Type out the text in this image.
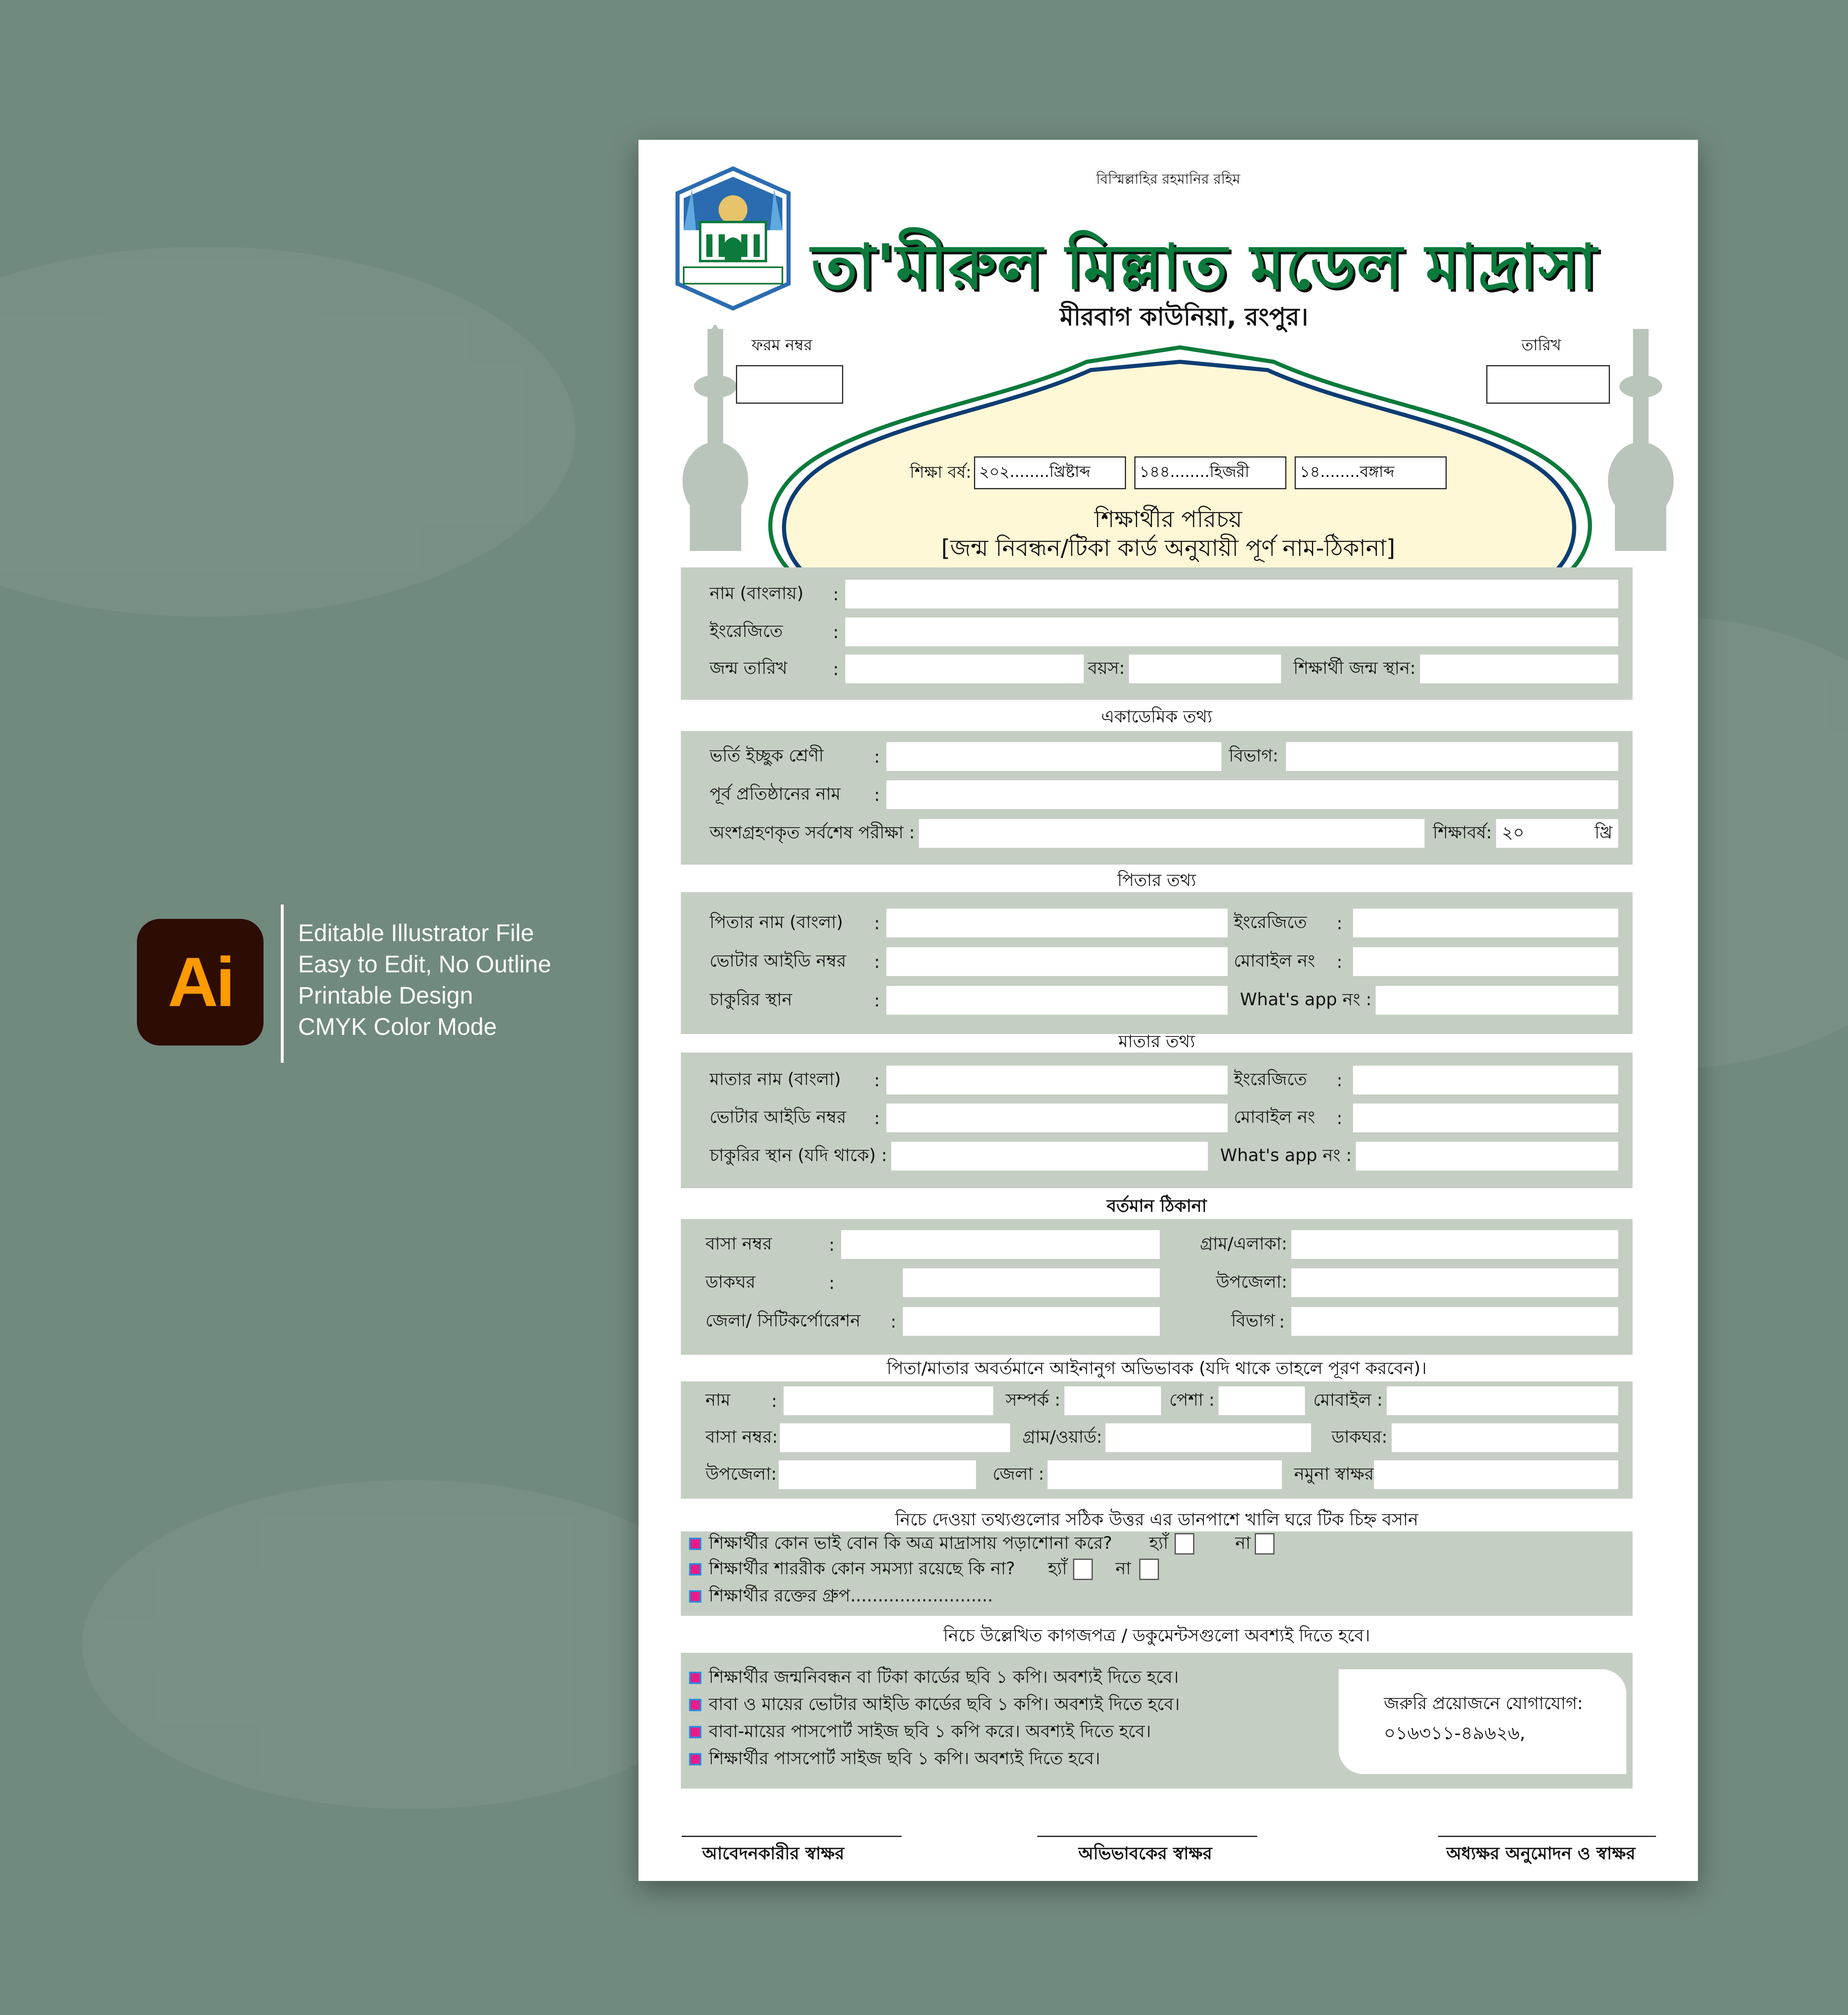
Ai
Editable Illustrator File
Easy to Edit, No Outline
Printable Design
CMYK Color Mode
বিস্মিল্লাহির রহমানির রহিম
তা'মীরুল মিল্লাত মডেল মাদ্রাসা
মীরবাগ কাউনিয়া, রংপুর।
ফরম নম্বর	তারিখ
শিক্ষা বর্ষ: ২০২........খ্রিষ্টাব্দ	১৪৪........হিজরী	১৪........বঙ্গাব্দ
শিক্ষার্থীর পরিচয়
[জন্ম নিবন্ধন/টিকা কার্ড অনুযায়ী পূর্ণ নাম-ঠিকানা]
নাম (বাংলায়)	:
ইংরেজিতে	:
জন্ম তারিখ	:	বয়স:	শিক্ষার্থী জন্ম স্থান:
একাডেমিক তথ্য
ভর্তি ইচ্ছুক শ্রেণী	:	বিভাগ:
পূর্ব প্রতিষ্ঠানের নাম	:
অংশগ্রহণকৃত সর্বশেষ পরীক্ষা :	শিক্ষাবর্ষ: ২০	খ্রি
পিতার তথ্য
পিতার নাম (বাংলা)	:	ইংরেজিতে	:
ভোটার আইডি নম্বর	:	মোবাইল নং	:
চাকুরির স্থান	:	What's app নং :
মাতার তথ্য
মাতার নাম (বাংলা)	:	ইংরেজিতে	:
ভোটার আইডি নম্বর	:	মোবাইল নং	:
চাকুরির স্থান (যদি থাকে) :	What's app নং :
বর্তমান ঠিকানা
বাসা নম্বর	:	গ্রাম/এলাকা:
ডাকঘর	:	উপজেলা:
জেলা/ সিটিকর্পোরেশন	:	বিভাগ :
পিতা/মাতার অবর্তমানে আইনানুগ অভিভাবক (যদি থাকে তাহলে পূরণ করবেন)।
নাম	:	সম্পর্ক :	পেশা :	মোবাইল :
বাসা নম্বর:	গ্রাম/ওয়ার্ড:	ডাকঘর:
উপজেলা:	জেলা :	নমুনা স্বাক্ষর
নিচে দেওয়া তথ্যগুলোর সঠিক উত্তর এর ডানপাশে খালি ঘরে টিক চিহ্ন বসান
শিক্ষার্থীর কোন ভাই বোন কি অত্র মাদ্রাসায় পড়াশোনা করে? হ্যাঁ	না
শিক্ষার্থীর শাররীক কোন সমস্যা রয়েছে কি না? হ্যাঁ	না
শিক্ষার্থীর রক্তের গ্রুপ..........................
নিচে উল্লেখিত কাগজপত্র / ডকুমেন্টসগুলো অবশ্যই দিতে হবে।
শিক্ষার্থীর জন্মনিবন্ধন বা টিকা কার্ডের ছবি ১ কপি। অবশ্যই দিতে হবে।
বাবা ও মায়ের ভোটার আইডি কার্ডের ছবি ১ কপি। অবশ্যই দিতে হবে।
বাবা-মায়ের পাসপোর্ট সাইজ ছবি ১ কপি করে। অবশ্যই দিতে হবে।
শিক্ষার্থীর পাসপোর্ট সাইজ ছবি ১ কপি। অবশ্যই দিতে হবে।
জরুরি প্রয়োজনে যোগাযোগ:
০১৬৩১১-৪৯৬২৬,
আবেদনকারীর স্বাক্ষর	অভিভাবকের স্বাক্ষর	অধ্যক্ষর অনুমোদন ও স্বাক্ষর
